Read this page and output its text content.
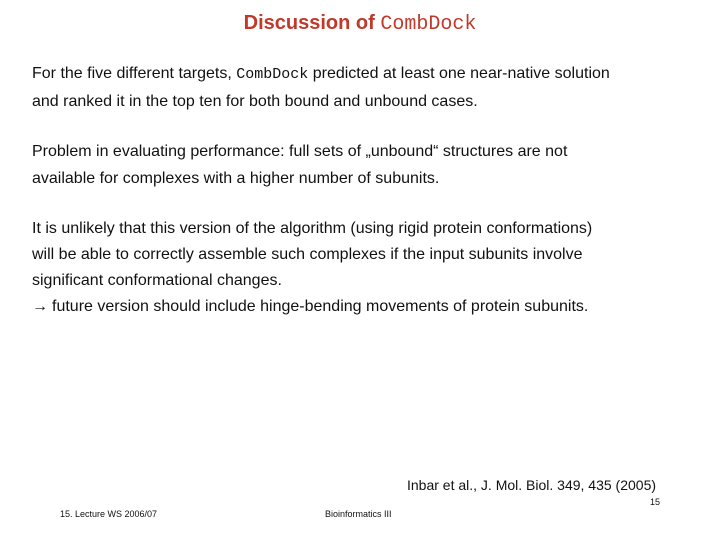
Discussion of CombDock

For the five different targets, CombDock predicted at least one near-native solution
and ranked it in the top ten for both bound and unbound cases.

Problem in evaluating performance: full sets of „unbound“ structures are not
available for complexes with a higher number of subunits.

It is unlikely that this version of the algorithm (using rigid protein conformations)
will be able to correctly assemble such complexes if the input subunits involve
significant conformational changes.
→ future version should include hinge-bending movements of protein subunits.

Inbar et al., J. Mol. Biol. 349, 435 (2005)
15
15. Lecture WS 2006/07	Bioinformatics III
